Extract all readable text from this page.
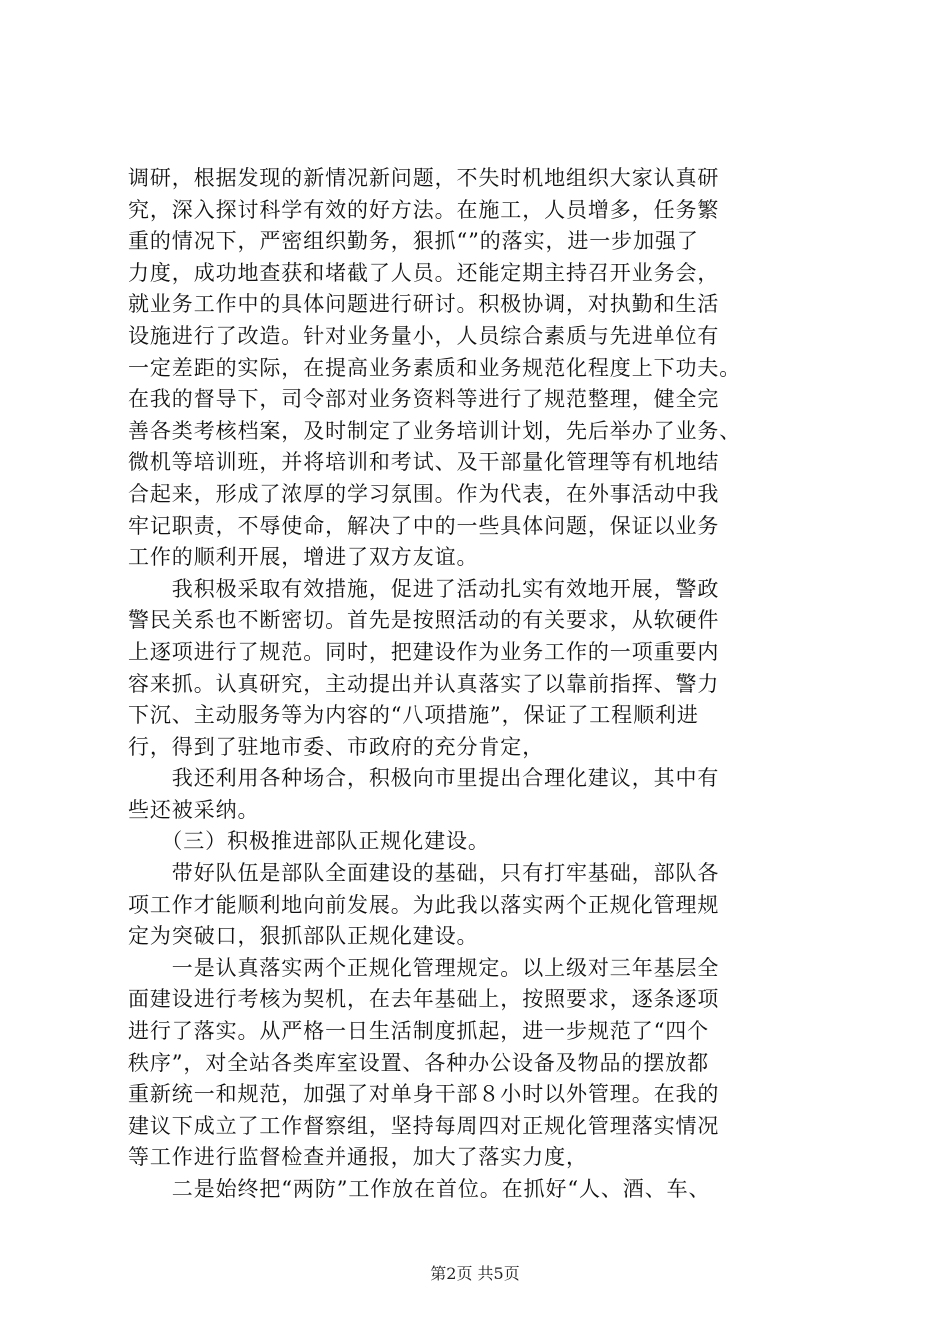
调研，根据发现的新情况新问题，不失时机地组织大家认真研
究，深入探讨科学有效的好方法。在施工，人员增多，任务繁
重的情况下，严密组织勤务，狠抓“”的落实，进一步加强了
力度，成功地查获和堵截了人员。还能定期主持召开业务会，
就业务工作中的具体问题进行研讨。积极协调，对执勤和生活
设施进行了改造。针对业务量小，人员综合素质与先进单位有
一定差距的实际，在提高业务素质和业务规范化程度上下功夫。
在我的督导下，司令部对业务资料等进行了规范整理，健全完
善各类考核档案，及时制定了业务培训计划，先后举办了业务、
微机等培训班，并将培训和考试、及干部量化管理等有机地结
合起来，形成了浓厚的学习氛围。作为代表，在外事活动中我
牢记职责，不辱使命，解决了中的一些具体问题，保证以业务
工作的顺利开展，增进了双方友谊。
　　我积极采取有效措施，促进了活动扎实有效地开展，警政
警民关系也不断密切。首先是按照活动的有关要求，从软硬件
上逐项进行了规范。同时，把建设作为业务工作的一项重要内
容来抓。认真研究，主动提出并认真落实了以靠前指挥、警力
下沉、主动服务等为内容的“八项措施”，保证了工程顺利进
行，得到了驻地市委、市政府的充分肯定，
　　我还利用各种场合，积极向市里提出合理化建议，其中有
些还被采纳。
　　（三）积极推进部队正规化建设。
　　带好队伍是部队全面建设的基础，只有打牢基础，部队各
项工作才能顺利地向前发展。为此我以落实两个正规化管理规
定为突破口，狠抓部队正规化建设。
　　一是认真落实两个正规化管理规定。以上级对三年基层全
面建设进行考核为契机，在去年基础上，按照要求，逐条逐项
进行了落实。从严格一日生活制度抓起，进一步规范了“四个
秩序”，对全站各类库室设置、各种办公设备及物品的摆放都
重新统一和规范，加强了对单身干部８小时以外管理。在我的
建议下成立了工作督察组，坚持每周四对正规化管理落实情况
等工作进行监督检查并通报，加大了落实力度，
　　二是始终把“两防”工作放在首位。在抓好“人、酒、车、
第2页 共5页
